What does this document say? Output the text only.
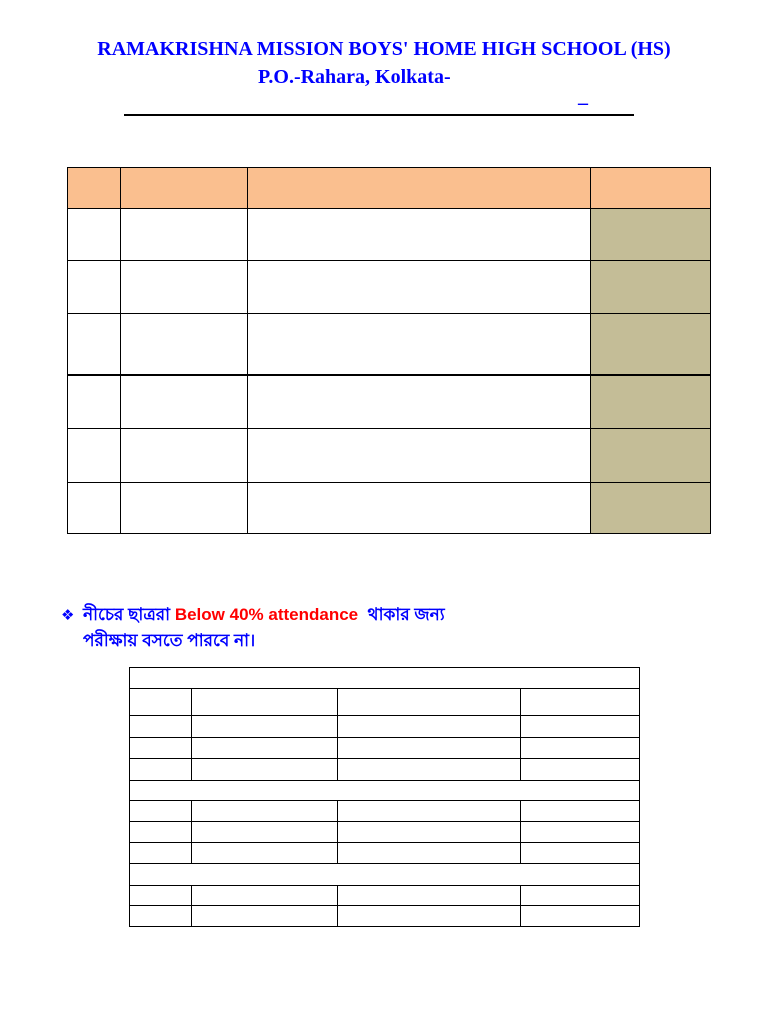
RAMAKRISHNA MISSION BOYS' HOME HIGH SCHOOL (HS)
P.O.-Rahara, Kolkata-
_

❖
নীচের ছাত্ররা Below 40% attendance  থাকার জন্য
পরীক্ষায় বসতে পারবে না।
